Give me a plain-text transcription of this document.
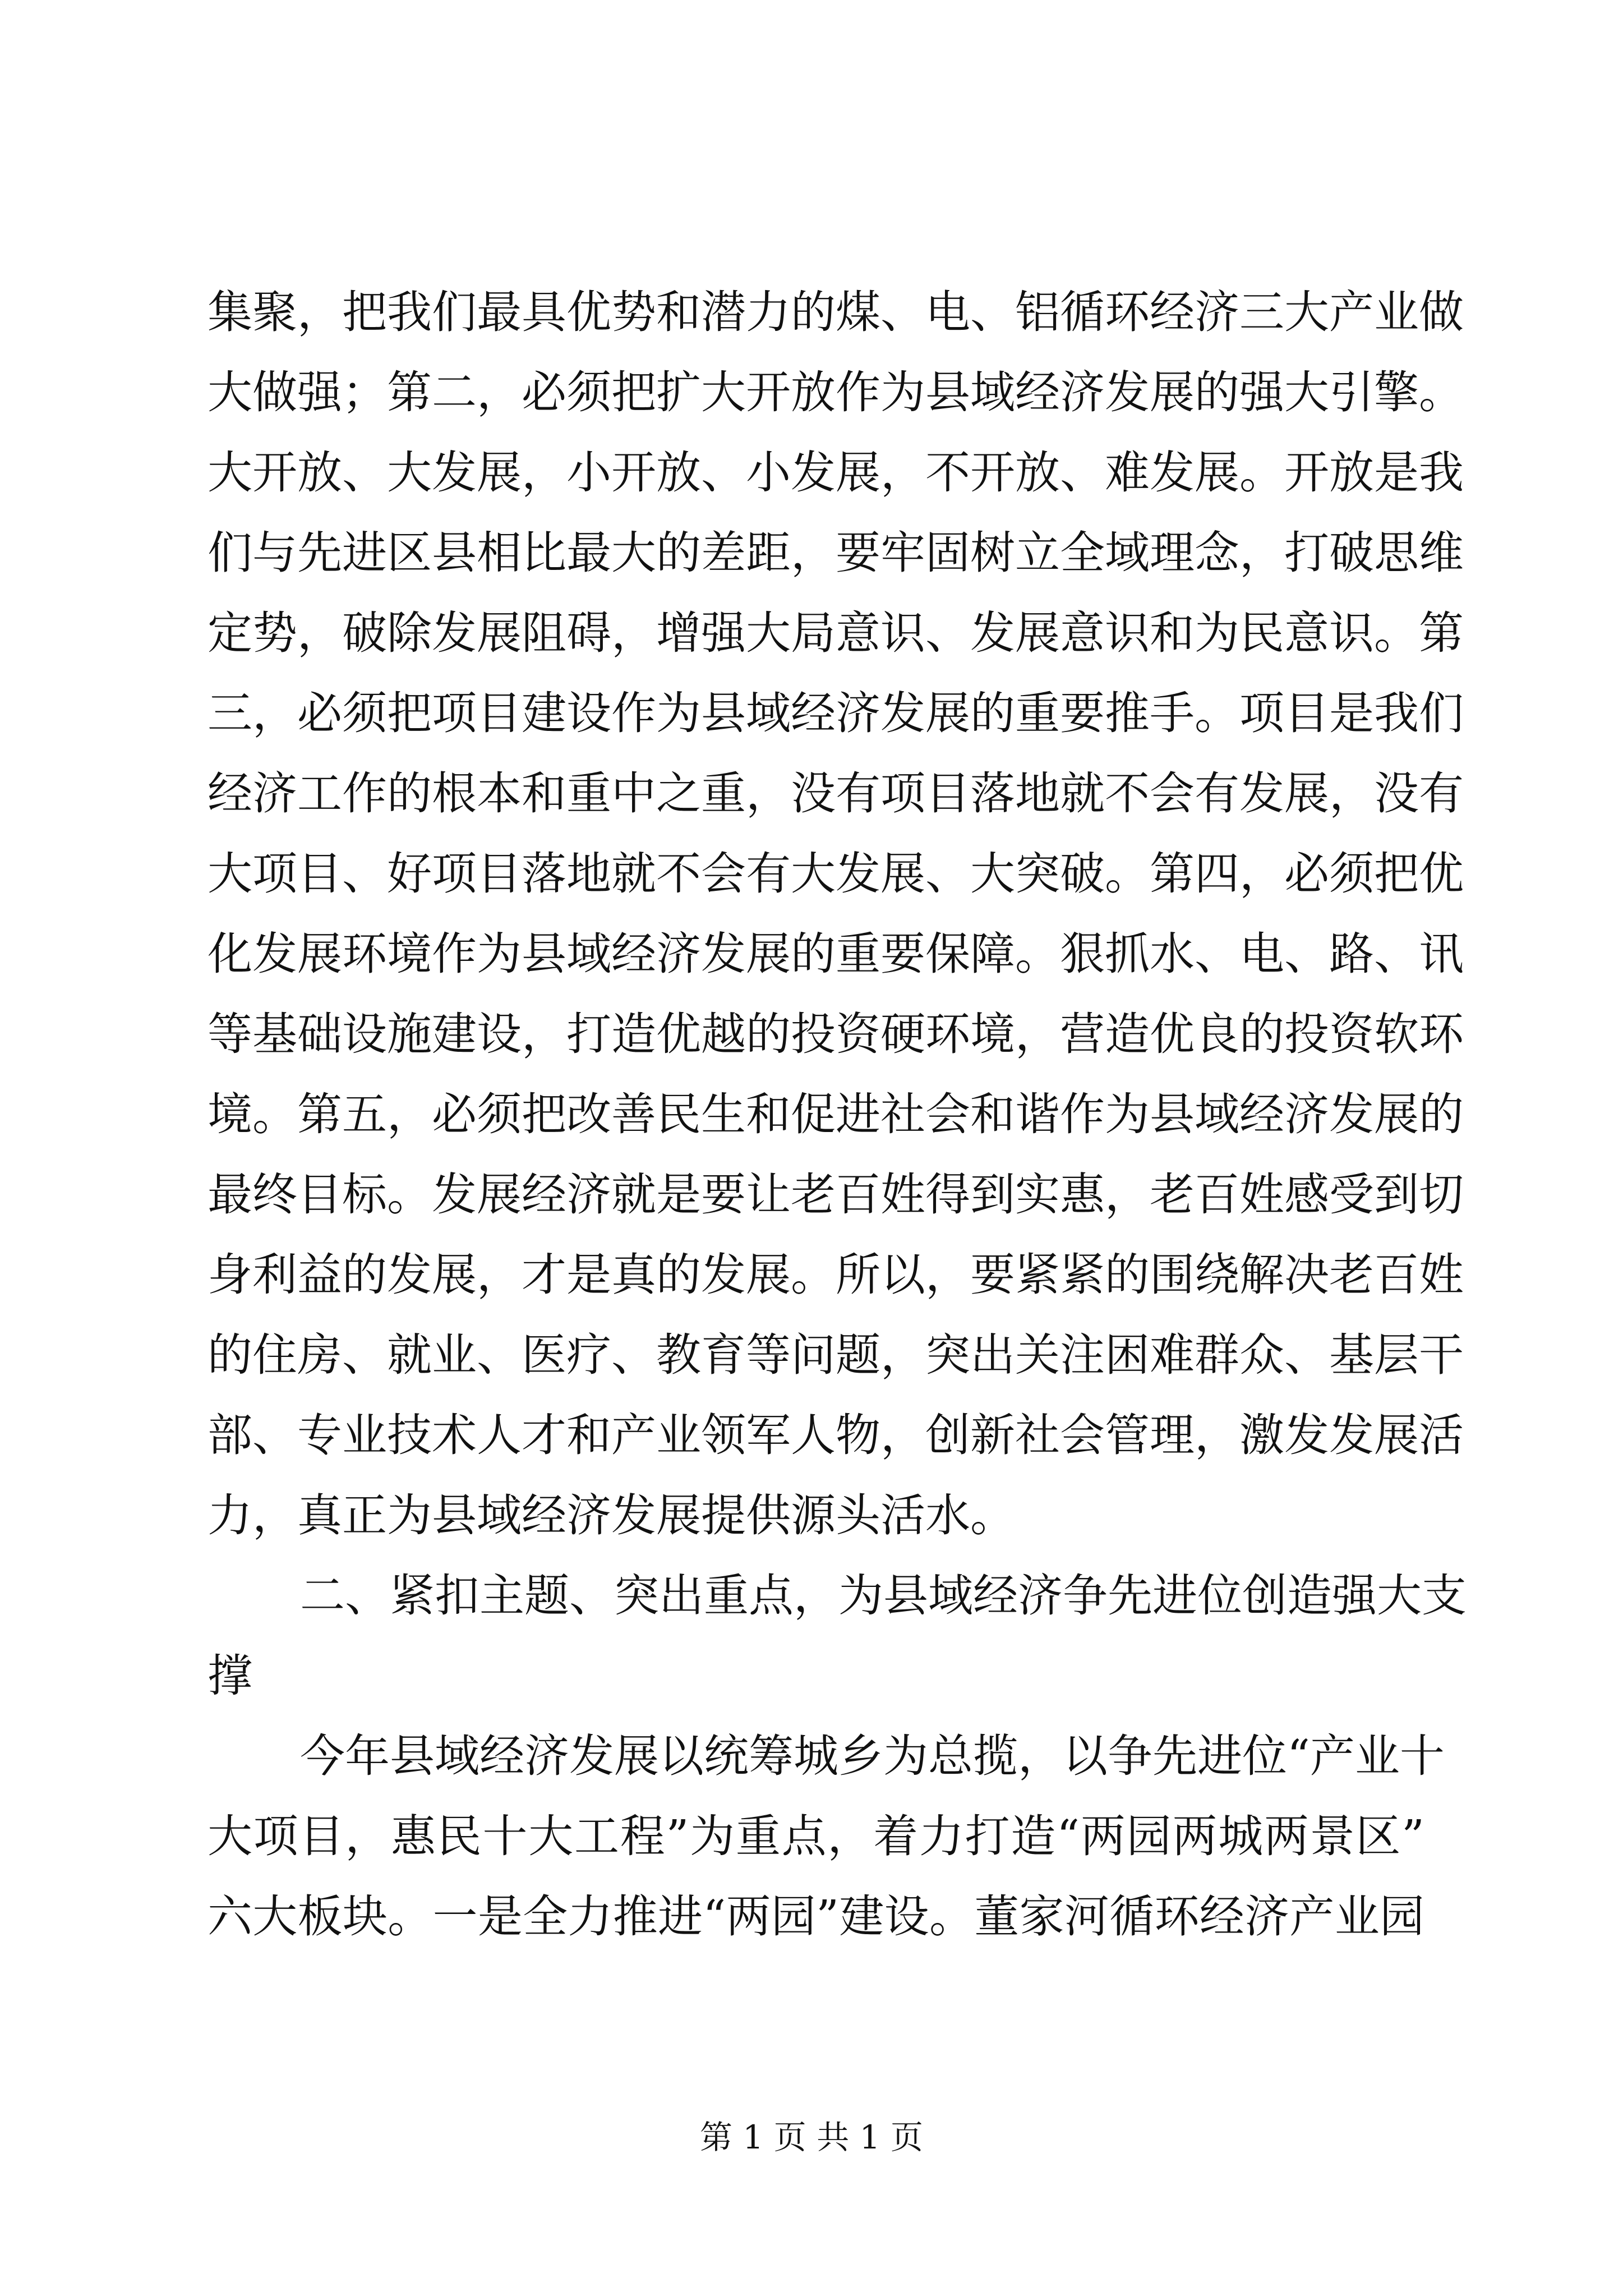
集聚，把我们最具优势和潜力的煤、电、铝循环经济三大产业做
大做强；第二，必须把扩大开放作为县域经济发展的强大引擎。
大开放、大发展，小开放、小发展，不开放、难发展。开放是我
们与先进区县相比最大的差距，要牢固树立全域理念，打破思维
定势，破除发展阻碍，增强大局意识、发展意识和为民意识。第
三，必须把项目建设作为县域经济发展的重要推手。项目是我们
经济工作的根本和重中之重，没有项目落地就不会有发展，没有
大项目、好项目落地就不会有大发展、大突破。第四，必须把优
化发展环境作为县域经济发展的重要保障。狠抓水、电、路、讯
等基础设施建设，打造优越的投资硬环境，营造优良的投资软环
境。第五，必须把改善民生和促进社会和谐作为县域经济发展的
最终目标。发展经济就是要让老百姓得到实惠，老百姓感受到切
身利益的发展，才是真的发展。所以，要紧紧的围绕解决老百姓
的住房、就业、医疗、教育等问题，突出关注困难群众、基层干
部、专业技术人才和产业领军人物，创新社会管理，激发发展活
力，真正为县域经济发展提供源头活水。
二、紧扣主题、突出重点，为县域经济争先进位创造强大支
撑
今年县域经济发展以统筹城乡为总揽，以争先进位“产业十
大项目，惠民十大工程”为重点，着力打造“两园两城两景区”
六大板块。一是全力推进“两园”建设。董家河循环经济产业园
第 1 页 共 1 页
